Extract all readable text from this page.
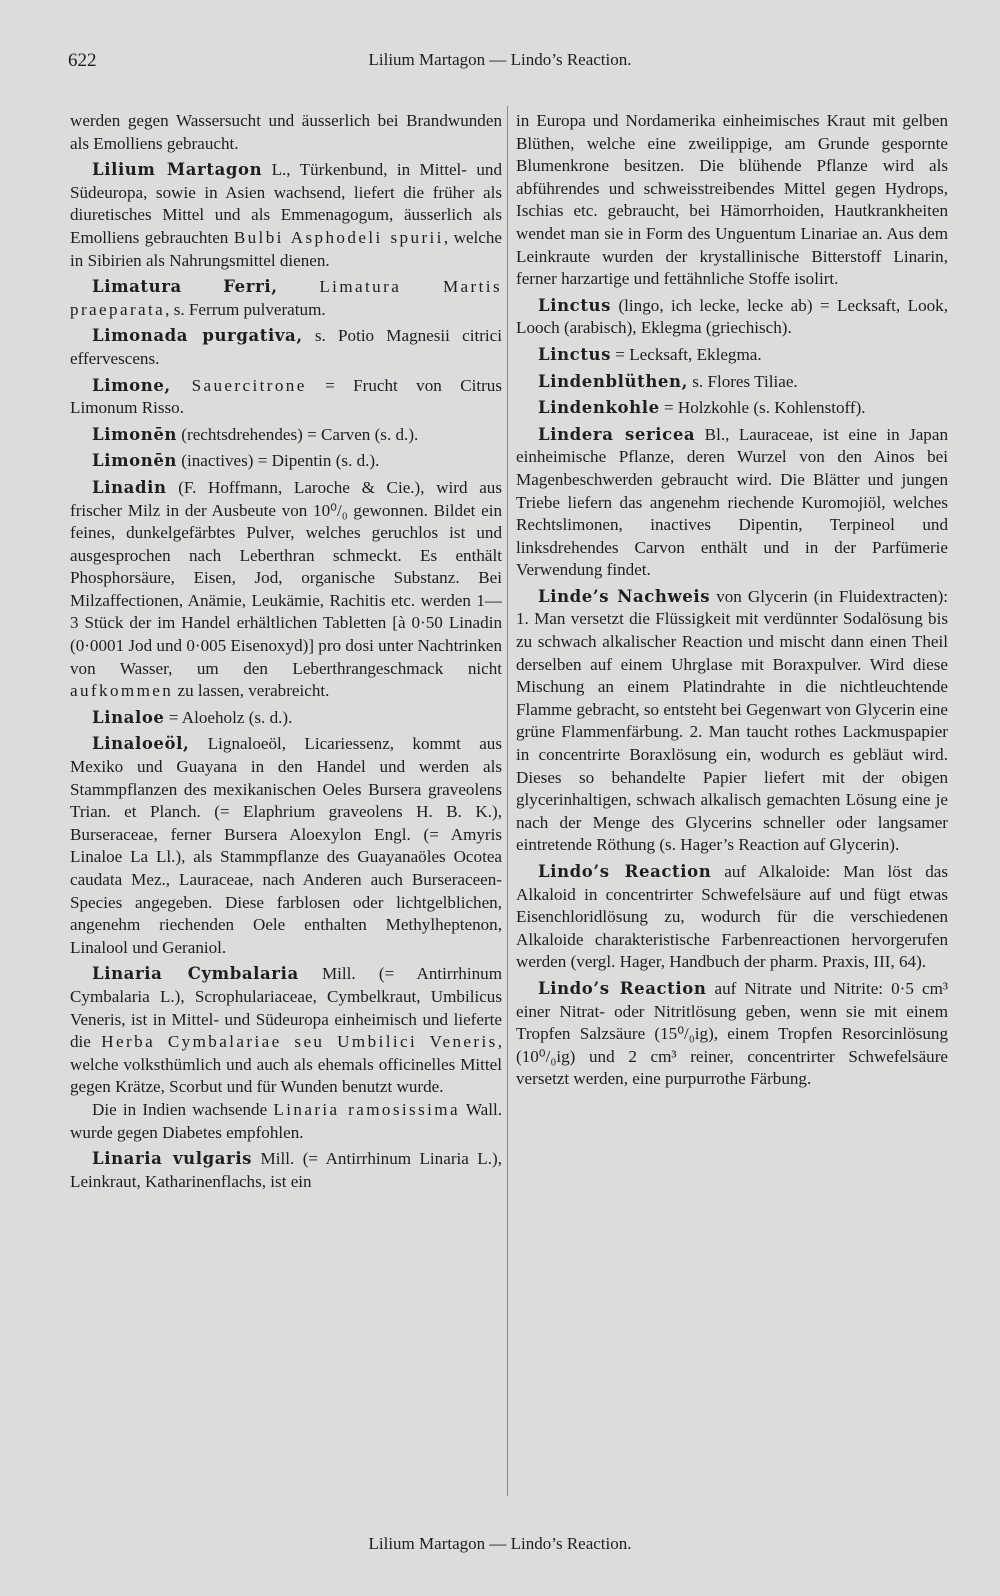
622	Lilium Martagon — Lindo’s Reaction.

werden gegen Wassersucht und äusserlich bei Brandwunden als Emolliens gebraucht.

Lilium Martagon L., Türkenbund, in Mittel- und Südeuropa, sowie in Asien wachsend, liefert die früher als diuretisches Mittel und als Emmenagogum, äusserlich als Emolliens gebrauchten Bulbi Asphodeli spurii, welche in Sibirien als Nahrungsmittel dienen.

Limatura Ferri, Limatura Martis praeparata, s. Ferrum pulveratum.

Limonada purgativa, s. Potio Magnesii citrici effervescens.

Limone, Sauercitrone = Frucht von Citrus Limonum Risso.

Limonēn (rechtsdrehendes) = Carven (s. d.).

Limonēn (inactives) = Dipentin (s. d.).

Linadin (F. Hoffmann, Laroche & Cie.), wird aus frischer Milz in der Ausbeute von 10⁰/₀ gewonnen. Bildet ein feines, dunkelgefärbtes Pulver, welches geruchlos ist und ausgesprochen nach Leberthran schmeckt. Es enthält Phosphorsäure, Eisen, Jod, organische Substanz. Bei Milzaffectionen, Anämie, Leukämie, Rachitis etc. werden 1—3 Stück der im Handel erhältlichen Tabletten [à 0·50 Linadin (0·0001 Jod und 0·005 Eisenoxyd)] pro dosi unter Nachtrinken von Wasser, um den Leberthrangeschmack nicht aufkommen zu lassen, verabreicht.

Linaloe = Aloeholz (s. d.).

Linaloeöl, Lignaloeöl, Licariessenz, kommt aus Mexiko und Guayana in den Handel und werden als Stammpflanzen des mexikanischen Oeles Bursera graveolens Trian. et Planch. (= Elaphrium graveolens H. B. K.), Burseraceae, ferner Bursera Aloexylon Engl. (= Amyris Linaloe La Ll.), als Stammpflanze des Guayanaöles Ocotea caudata Mez., Lauraceae, nach Anderen auch Burseraceen-Species angegeben. Diese farblosen oder lichtgelblichen, angenehm riechenden Oele enthalten Methylheptenon, Linalool und Geraniol.

Linaria Cymbalaria Mill. (= Antirrhinum Cymbalaria L.), Scrophulariaceae, Cymbelkraut, Umbilicus Veneris, ist in Mittel- und Südeuropa einheimisch und lieferte die Herba Cymbalariae seu Umbilici Veneris, welche volksthümlich und auch als ehemals officinelles Mittel gegen Krätze, Scorbut und für Wunden benutzt wurde.

Die in Indien wachsende Linaria ramosissima Wall. wurde gegen Diabetes empfohlen.

Linaria vulgaris Mill. (= Antirrhinum Linaria L.), Leinkraut, Katharinenflachs, ist ein

in Europa und Nordamerika einheimisches Kraut mit gelben Blüthen, welche eine zweilippige, am Grunde gespornte Blumenkrone besitzen. Die blühende Pflanze wird als abführendes und schweisstreibendes Mittel gegen Hydrops, Ischias etc. gebraucht, bei Hämorrhoiden, Hautkrankheiten wendet man sie in Form des Unguentum Linariae an. Aus dem Leinkraute wurden der krystallinische Bitterstoff Linarin, ferner harzartige und fettähnliche Stoffe isolirt.

Linctus (lingo, ich lecke, lecke ab) = Lecksaft, Look, Looch (arabisch), Eklegma (griechisch).

Linctus = Lecksaft, Eklegma.

Lindenblüthen, s. Flores Tiliae.

Lindenkohle = Holzkohle (s. Kohlenstoff).

Lindera sericea Bl., Lauraceae, ist eine in Japan einheimische Pflanze, deren Wurzel von den Ainos bei Magenbeschwerden gebraucht wird. Die Blätter und jungen Triebe liefern das angenehm riechende Kuromojiöl, welches Rechtslimonen, inactives Dipentin, Terpineol und linksdrehendes Carvon enthält und in der Parfümerie Verwendung findet.

Linde’s Nachweis von Glycerin (in Fluidextracten): 1. Man versetzt die Flüssigkeit mit verdünnter Sodalösung bis zu schwach alkalischer Reaction und mischt dann einen Theil derselben auf einem Uhrglase mit Boraxpulver. Wird diese Mischung an einem Platindrahte in die nichtleuchtende Flamme gebracht, so entsteht bei Gegenwart von Glycerin eine grüne Flammenfärbung. 2. Man taucht rothes Lackmuspapier in concentrirte Boraxlösung ein, wodurch es gebläut wird. Dieses so behandelte Papier liefert mit der obigen glycerinhaltigen, schwach alkalisch gemachten Lösung eine je nach der Menge des Glycerins schneller oder langsamer eintretende Röthung (s. Hager’s Reaction auf Glycerin).

Lindo’s Reaction auf Alkaloide: Man löst das Alkaloid in concentrirter Schwefelsäure auf und fügt etwas Eisenchloridlösung zu, wodurch für die verschiedenen Alkaloide charakteristische Farbenreactionen hervorgerufen werden (vergl. Hager, Handbuch der pharm. Praxis, III, 64).

Lindo’s Reaction auf Nitrate und Nitrite: 0·5 cm³ einer Nitrat- oder Nitritlösung geben, wenn sie mit einem Tropfen Salzsäure (15⁰/₀ig), einem Tropfen Resorcinlösung (10⁰/₀ig) und 2 cm³ reiner, concentrirter Schwefelsäure versetzt werden, eine purpurrothe Färbung.

Lilium Martagon — Lindo’s Reaction.
